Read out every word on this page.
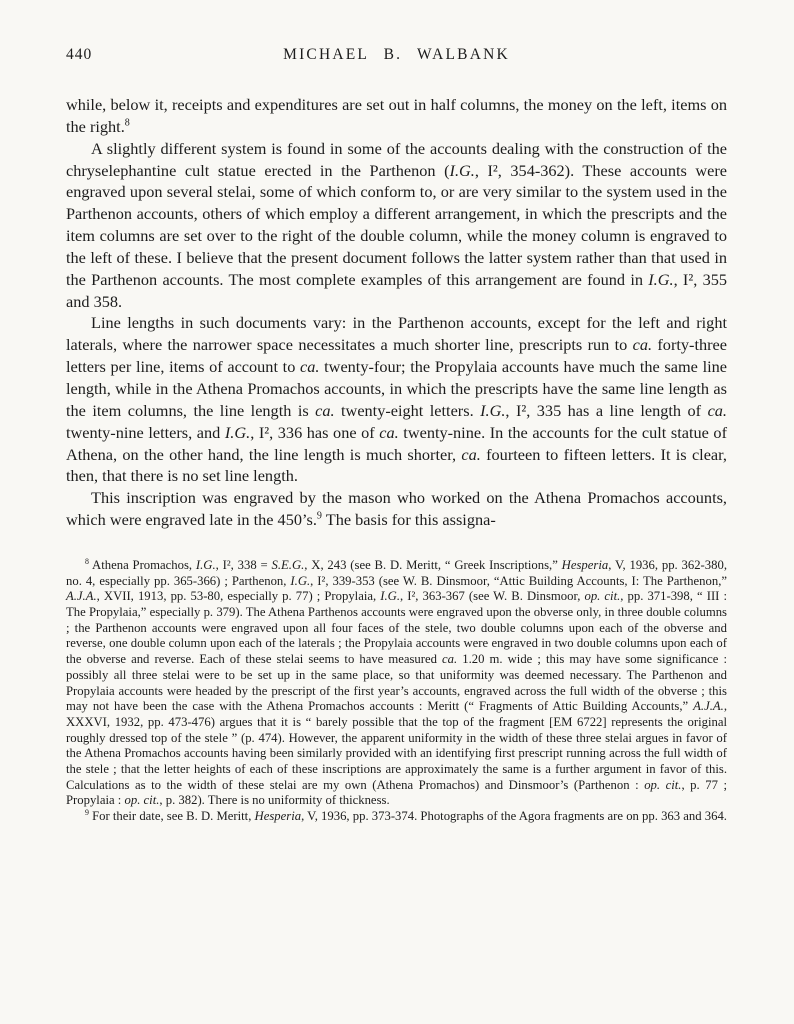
440	MICHAEL B. WALBANK

while, below it, receipts and expenditures are set out in half columns, the money on the left, items on the right.$^8$

A slightly different system is found in some of the accounts dealing with the construction of the chryselephantine cult statue erected in the Parthenon (I.G., I², 354-362). These accounts were engraved upon several stelai, some of which conform to, or are very similar to the system used in the Parthenon accounts, others of which employ a different arrangement, in which the prescripts and the item columns are set over to the right of the double column, while the money column is engraved to the left of these. I believe that the present document follows the latter system rather than that used in the Parthenon accounts. The most complete examples of this arrangement are found in I.G., I², 355 and 358.

Line lengths in such documents vary: in the Parthenon accounts, except for the left and right laterals, where the narrower space necessitates a much shorter line, prescripts run to ca. forty-three letters per line, items of account to ca. twenty-four; the Propylaia accounts have much the same line length, while in the Athena Promachos accounts, in which the prescripts have the same line length as the item columns, the line length is ca. twenty-eight letters. I.G., I², 335 has a line length of ca. twenty-nine letters, and I.G., I², 336 has one of ca. twenty-nine. In the accounts for the cult statue of Athena, on the other hand, the line length is much shorter, ca. fourteen to fifteen letters. It is clear, then, that there is no set line length.

This inscription was engraved by the mason who worked on the Athena Promachos accounts, which were engraved late in the 450’s.$^9$ The basis for this assigna-

$^8$ Athena Promachos, I.G., I², 338 = S.E.G., X, 243 (see B. D. Meritt, “ Greek Inscriptions,” Hesperia, V, 1936, pp. 362-380, no. 4, especially pp. 365-366) ; Parthenon, I.G., I², 339-353 (see W. B. Dinsmoor, “Attic Building Accounts, I: The Parthenon,” A.J.A., XVII, 1913, pp. 53-80, especially p. 77) ; Propylaia, I.G., I², 363-367 (see W. B. Dinsmoor, op. cit., pp. 371-398, “ III : The Propylaia,” especially p. 379). The Athena Parthenos accounts were engraved upon the obverse only, in three double columns ; the Parthenon accounts were engraved upon all four faces of the stele, two double columns upon each of the obverse and reverse, one double column upon each of the laterals ; the Propylaia accounts were engraved in two double columns upon each of the obverse and reverse. Each of these stelai seems to have measured ca. 1.20 m. wide ; this may have some significance : possibly all three stelai were to be set up in the same place, so that uniformity was deemed necessary. The Parthenon and Propylaia accounts were headed by the prescript of the first year’s accounts, engraved across the full width of the obverse ; this may not have been the case with the Athena Promachos accounts : Meritt (“ Fragments of Attic Building Accounts,” A.J.A., XXXVI, 1932, pp. 473-476) argues that it is “ barely possible that the top of the fragment [EM 6722] represents the original roughly dressed top of the stele ” (p. 474). However, the apparent uniformity in the width of these three stelai argues in favor of the Athena Promachos accounts having been similarly provided with an identifying first prescript running across the full width of the stele ; that the letter heights of each of these inscriptions are approximately the same is a further argument in favor of this. Calculations as to the width of these stelai are my own (Athena Promachos) and Dinsmoor’s (Parthenon : op. cit., p. 77 ; Propylaia : op. cit., p. 382). There is no uniformity of thickness.

$^9$ For their date, see B. D. Meritt, Hesperia, V, 1936, pp. 373-374. Photographs of the Agora fragments are on pp. 363 and 364.
